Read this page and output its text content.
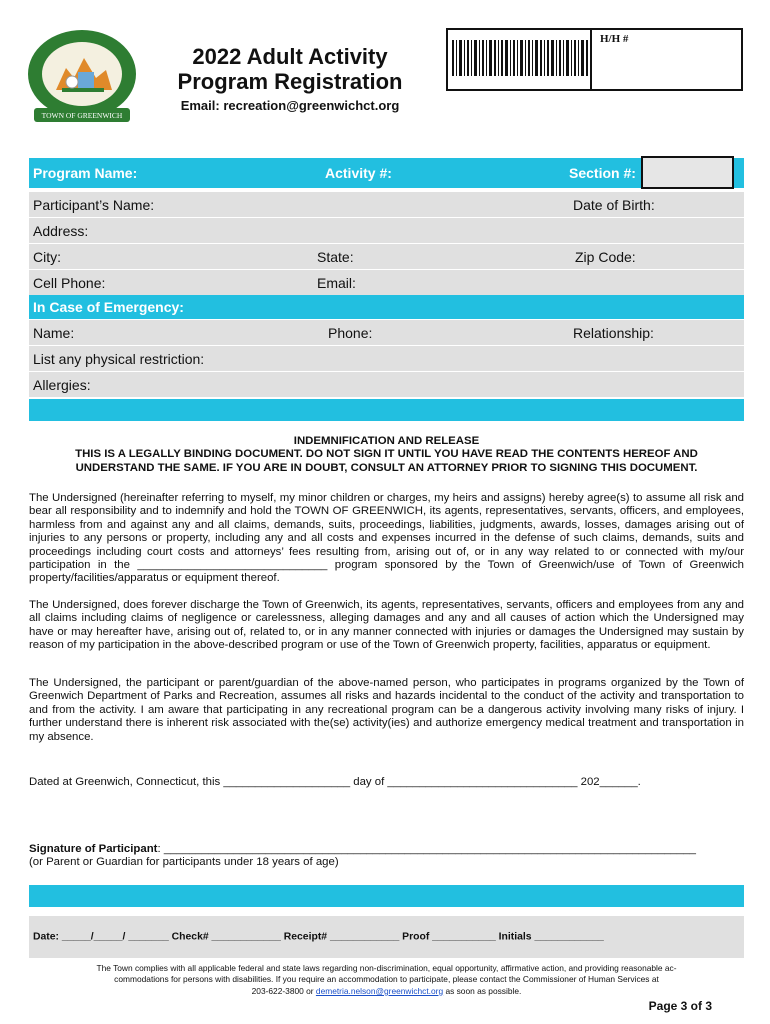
TOWN OF GREENWICH
2022 Adult Activity
Program Registration
Email: recreation@greenwichct.org
H/H #
Program Name:	Activity #:	Section #:
Participant’s Name:	Date of Birth:
Address:
City:	State:	Zip Code:
Cell Phone:	Email:
In Case of Emergency:
Name:	Phone:	Relationship:
List any physical restriction:
Allergies:
INDEMNIFICATION AND RELEASE
THIS IS A LEGALLY BINDING DOCUMENT. DO NOT SIGN IT UNTIL YOU HAVE READ THE CONTENTS HEREOF AND
UNDERSTAND THE SAME. IF YOU ARE IN DOUBT, CONSULT AN ATTORNEY PRIOR TO SIGNING THIS DOCUMENT.
The Undersigned (hereinafter referring to myself, my minor children or charges, my heirs and assigns) hereby agree(s) to assume all risk and bear all responsibility and to indemnify and hold the TOWN OF GREENWICH, its agents, representatives, servants, officers, and employees, harmless from and against any and all claims, demands, suits, proceedings, liabilities, judgments, awards, losses, damages arising out of injuries to any persons or property, including any and all costs and expenses incurred in the defense of such claims, demands, suits and proceedings including court costs and attorneys’ fees resulting from, arising out of, or in any way related to or connected with my/our participation in the ______________________________ program sponsored by the Town of Greenwich/use of Town of Greenwich property/facilities/apparatus or equipment thereof.
The Undersigned, does forever discharge the Town of Greenwich, its agents, representatives, servants, officers and employees from any and all claims including claims of negligence or carelessness, alleging damages and any and all causes of action which the Undersigned may have or may hereafter have, arising out of, related to, or in any manner connected with injuries or damages the Undersigned may sustain by reason of my participation in the above-described program or use of the Town of Greenwich property, facilities, apparatus or equipment.
The Undersigned, the participant or parent/guardian of the above-named person, who participates in programs organized by the Town of Greenwich Department of Parks and Recreation, assumes all risks and hazards incidental to the conduct of the activity and transportation to and from the activity. I am aware that participating in any recreational program can be a dangerous activity involving many risks of injury. I further understand there is inherent risk associated with the(se) activity(ies) and authorize emergency medical treatment and transportation in my absence.
Dated at Greenwich, Connecticut, this ____________________ day of ______________________________ 202______.
Signature of Participant: ____________________________________________________________________________________
(or Parent or Guardian for participants under 18 years of age)
Date: _____/_____/ _______ Check# ____________ Receipt# ____________ Proof ___________ Initials ____________
The Town complies with all applicable federal and state laws regarding non-discrimination, equal opportunity, affirmative action, and providing reasonable ac-
commodations for persons with disabilities. If you require an accommodation to participate, please contact the Commissioner of Human Services at
203-622-3800 or demetria.nelson@greenwichct.org as soon as possible.
Page 3 of 3
